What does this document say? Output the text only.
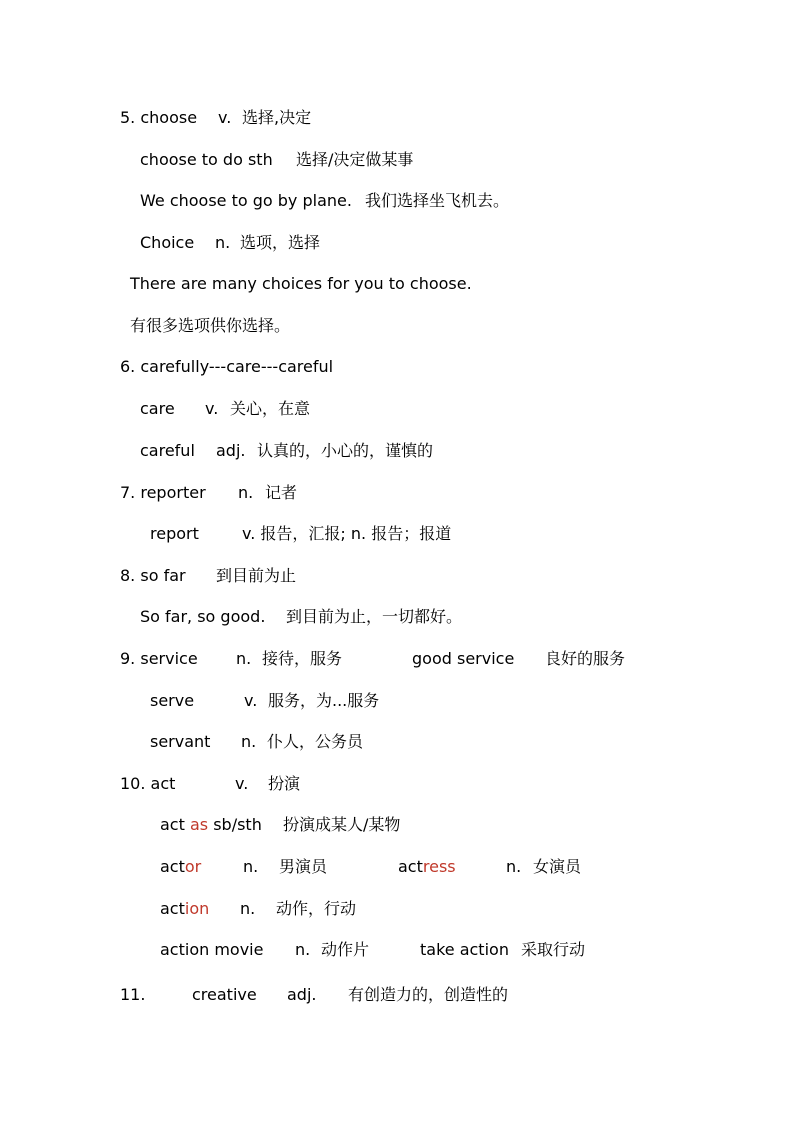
5. choose v. 选择,决定
choose to do sth 选择/决定做某事
We choose to go by plane. 我们选择坐飞机去。
Choice n. 选项，选择
There are many choices for you to choose.
有很多选项供你选择。
6. carefully---care---careful
care v. 关心，在意
careful adj. 认真的，小心的，谨慎的
7. reporter n. 记者
report	v. 报告，汇报; n. 报告；报道
8. so far 到目前为止
So far, so good. 到目前为止，一切都好。
9. service n. 接待，服务	good service 良好的服务
serve	v. 服务，为...服务
servant n. 仆人，公务员
10. act	v. 扮演
act as sb/sth 扮演成某人/某物
actor	n. 男演员	actress	n. 女演员
action n. 动作，行动
action movie n. 动作片	take action 采取行动
11.	creative adj. 有创造力的，创造性的
